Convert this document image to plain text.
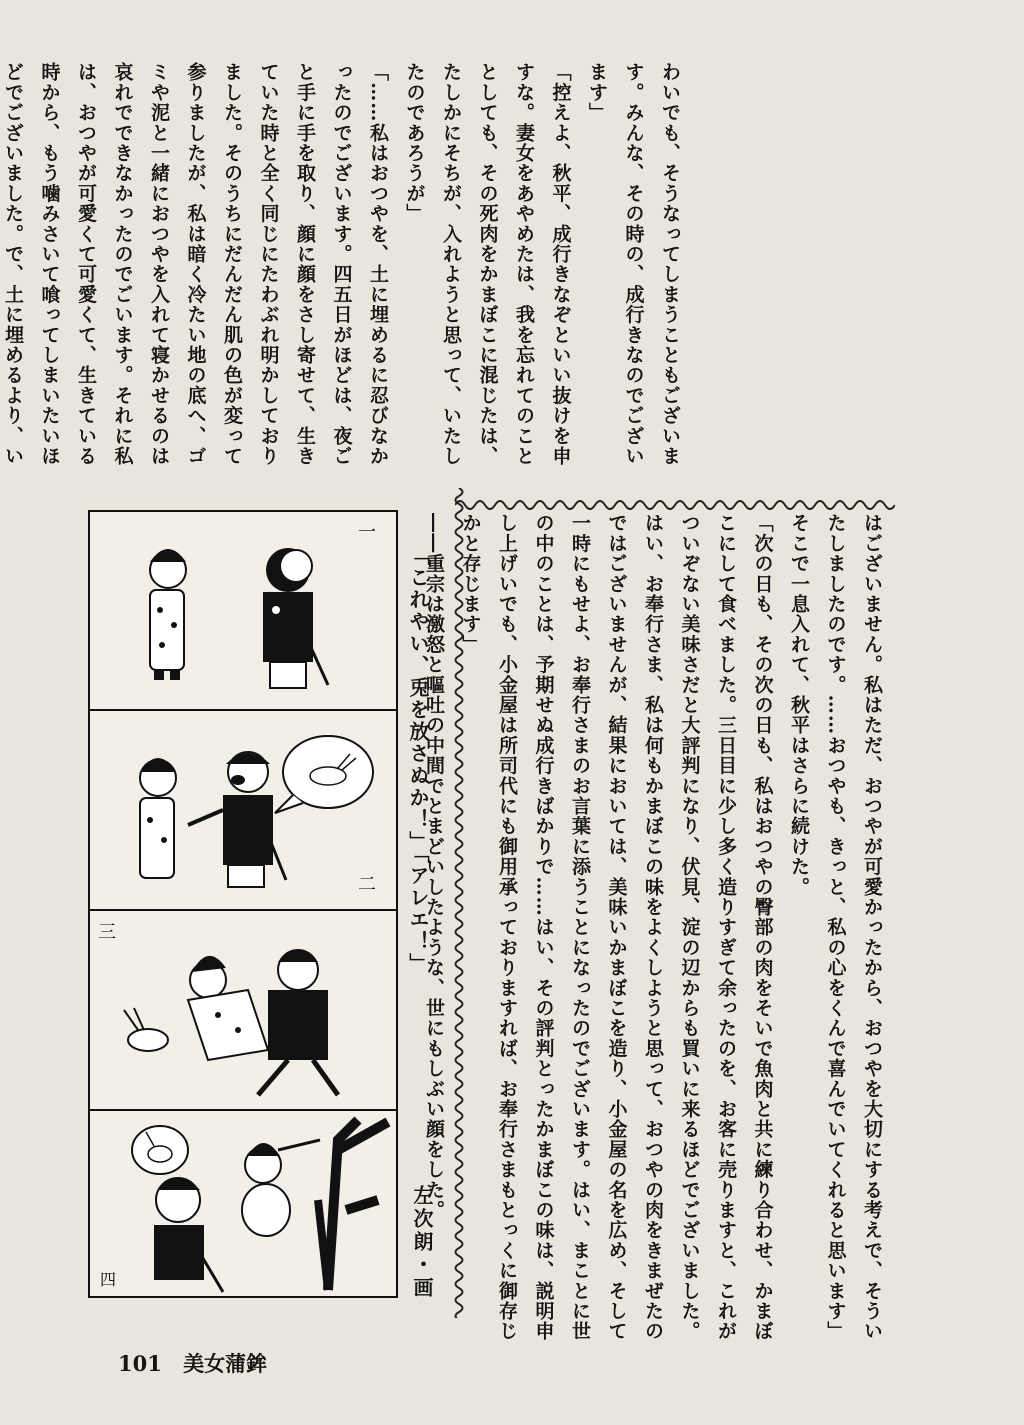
わいでも、そうなってしまうこともございま

す。みんな、その時の、成行きなのでござい

ます」

「控えよ、秋平、成行きなぞといい抜けを申

すな。妻女をあやめたは、我を忘れてのこと

としても、その死肉をかまぼこに混じたは、

たしかにそちが、入れようと思って、いたし

たのであろうが」

「……私はおつやを、土に埋めるに忍びなか

ったのでございます。四五日がほどは、夜ご

と手に手を取り、顔に顔をさし寄せて、生き

ていた時と全く同じにたわぶれ明かしており

ました。そのうちにだんだん肌の色が変って

参りましたが、私は暗く冷たい地の底へ、ゴ

ミや泥と一緒におつやを入れて寝かせるのは

哀れでできなかったのでごいます。それに私

は、おつやが可愛くて可愛くて、生きている

時から、もう噛みさいて喰ってしまいたいほ

どでございました。で、土に埋めるより、い

はございません。私はただ、おつやが可愛かったから、おつやを大切にする考えで、そういたしましたのです。……おつやも、きっと、私の心をくんで喜んでいてくれると思います」

そこで一息入れて、秋平はさらに続けた。

「次の日も、その次の日も、私はおつやの臀部の肉をそいで魚肉と共に練り合わせ、かまぼこにして食べました。三日目に少し多く造りすぎて余ったのを、お客に売りますと、これがついぞない美味さだと大評判になり、伏見、淀の辺からも買いに来るほどでございました。はい、お奉行さま、私は何もかまぼこの味をよくしようと思って、おつやの肉をきまぜたのではございませんが、結果においては、美味いかまぼこを造り、小金屋の名を広め、そして一時にもせよ、お奉行さまのお言葉に添うことになったのでございます。はい、まことに世の中のことは、予期せぬ成行きばかりで……はい、その評判とったかまぼこの味は、説明申し上げいでも、小金屋は所司代にも御用承っておりますれば、お奉行さまもとっくに御存じかと存じます」

――重宗は激怒と嘔吐の中間でとまどいしたような、世にもしぶい顔をした。

「これやい、兎を放さぬか！」「アレエ！」
左次朗・画
一
二
三
四
101 美女蒲鉾
